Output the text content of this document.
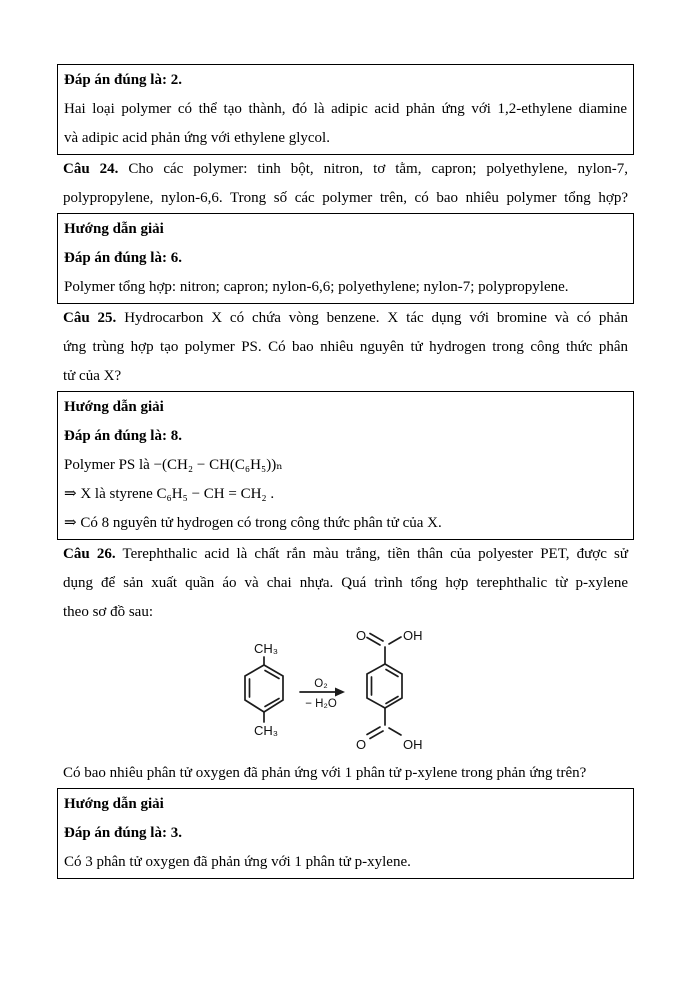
Đáp án đúng là: 2.

Hai loại polymer có thể tạo thành, đó là adipic acid phản ứng với 1,2-ethylene diamine

và adipic acid phản ứng với ethylene glycol.

Câu 24. Cho các polymer: tinh bột, nitron, tơ tằm, capron; polyethylene, nylon-7,

polypropylene, nylon-6,6. Trong số các polymer trên, có bao nhiêu polymer tổng hợp?

Hướng dẫn giải

Đáp án đúng là: 6.

Polymer tổng hợp: nitron; capron; nylon-6,6; polyethylene; nylon-7; polypropylene.

Câu 25. Hydrocarbon X có chứa vòng benzene. X tác dụng với bromine và có phản

ứng trùng hợp tạo polymer PS. Có bao nhiêu nguyên tử hydrogen trong công thức phân

tử của X?

Hướng dẫn giải

Đáp án đúng là: 8.

Polymer PS là −(CH₂ − CH(C₆H₅))ₙ

⇒ X là styrene C₆H₅ − CH = CH₂ .

⇒ Có 8 nguyên tử hydrogen có trong công thức phân tử của X.

Câu 26. Terephthalic acid là chất rắn màu trắng, tiền thân của polyester PET, được sử

dụng để sản xuất quần áo và chai nhựa. Quá trình tổng hợp terephthalic từ p-xylene

theo sơ đồ sau:

CH₃
CH₃
O₂
− H₂O
O	OH
O	OH

Có bao nhiêu phân tử oxygen đã phản ứng với 1 phân tử p-xylene trong phản ứng trên?

Hướng dẫn giải

Đáp án đúng là: 3.

Có 3 phân tử oxygen đã phản ứng với 1 phân tử p-xylene.
